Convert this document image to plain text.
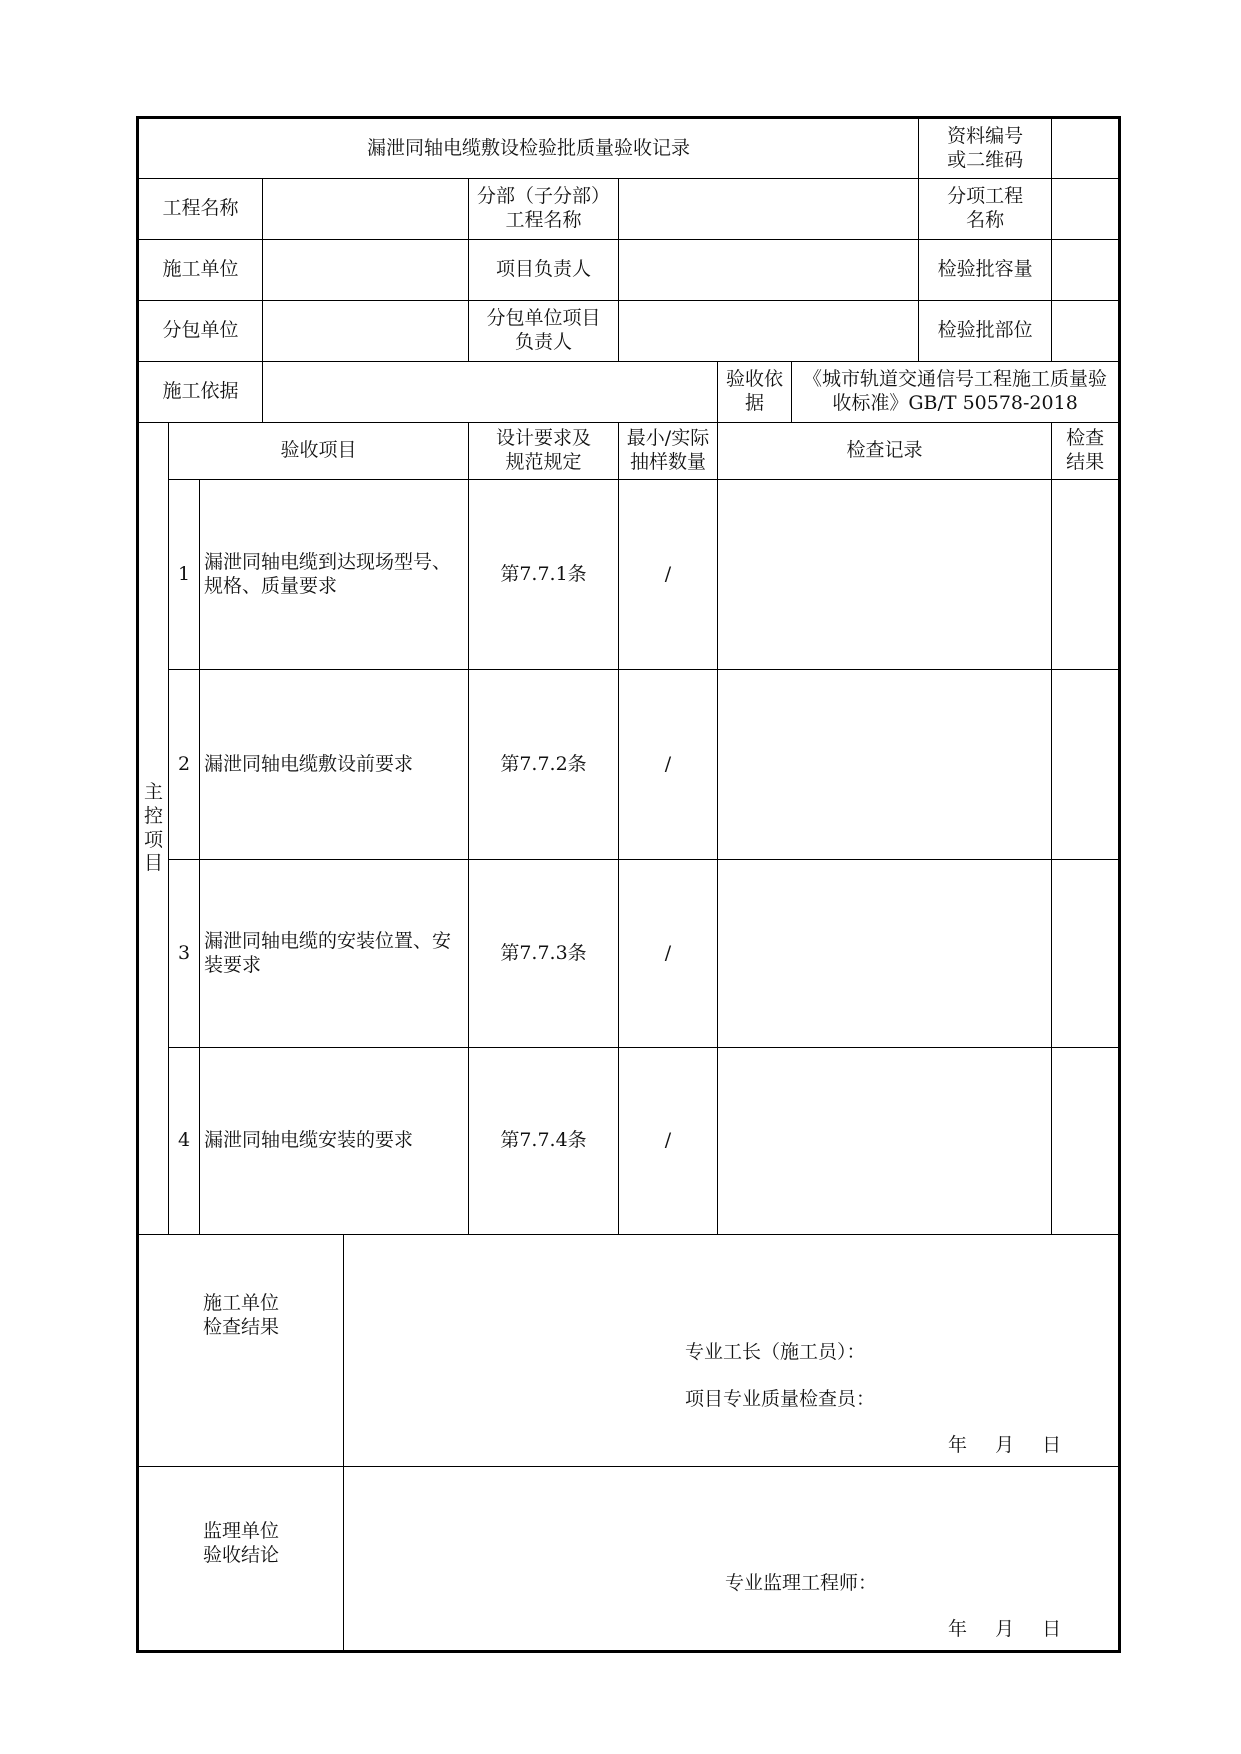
漏泄同轴电缆敷设检验批质量验收记录									资料编号或二维码	
工程名称					分部（子分部）工程名称				分项工程名称	
施工单位					项目负责人				检验批容量	
分包单位					分包单位项目负责人				检验批部位	
施工依据							验收依据	《城市轨道交通信号工程施工质量验收标准》GB/T 50578-2018		

主控项目	验收项目				设计要求及规范规定	最小/实际抽样数量	检查记录			检查结果
	1	漏泄同轴电缆到达现场型号、规格、质量要求			第7.7.1条	/				
	2	漏泄同轴电缆敷设前要求			第7.7.2条	/				
	3	漏泄同轴电缆的安装位置、安装要求			第7.7.3条	/				
	4	漏泄同轴电缆安装的要求			第7.7.4条	/				

施工单位
检查结果				专业工长（施工员）：
项目专业质量检查员：
年 月 日						

监理单位
验收结论				专业监理工程师：
年 月 日						
